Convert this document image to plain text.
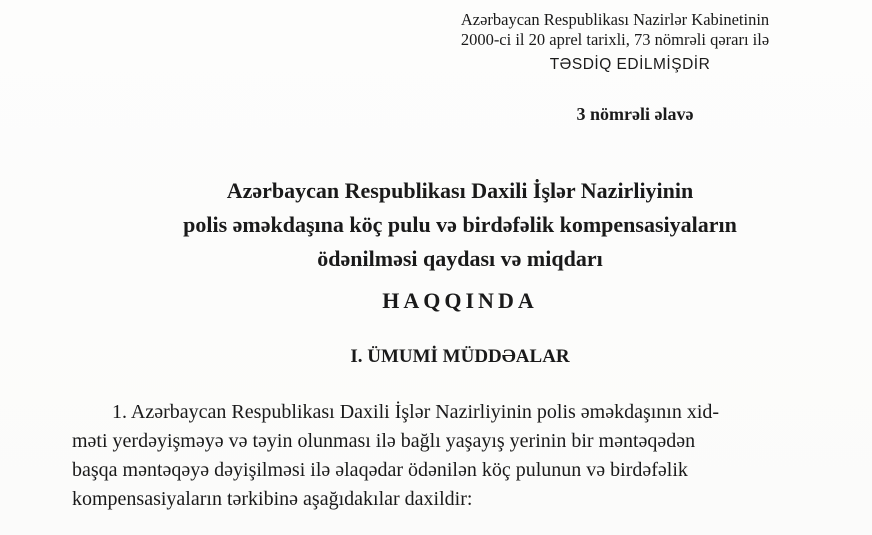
Azərbaycan Respublikası Nazirlər Kabinetinin
2000-ci il 20 aprel tarixli, 73 nömrəli qərarı ilə
TƏSDİQ EDİLMİŞDİR
3 nömrəli əlavə
Azərbaycan Respublikası Daxili İşlər Nazirliyinin
polis əməkdaşına köç pulu və birdəfəlik kompensasiyaların
ödənilməsi qaydası və miqdarı
HAQQINDA
I. ÜMUMİ MÜDDƏALAR
1. Azərbaycan Respublikası Daxili İşlər Nazirliyinin polis əməkdaşının xid-
məti yerdəyişməyə və təyin olunması ilə bağlı yaşayış yerinin bir məntəqədən
başqa məntəqəyə dəyişilməsi ilə əlaqədar ödənilən köç pulunun və birdəfəlik
kompensasiyaların tərkibinə aşağıdakılar daxildir:
